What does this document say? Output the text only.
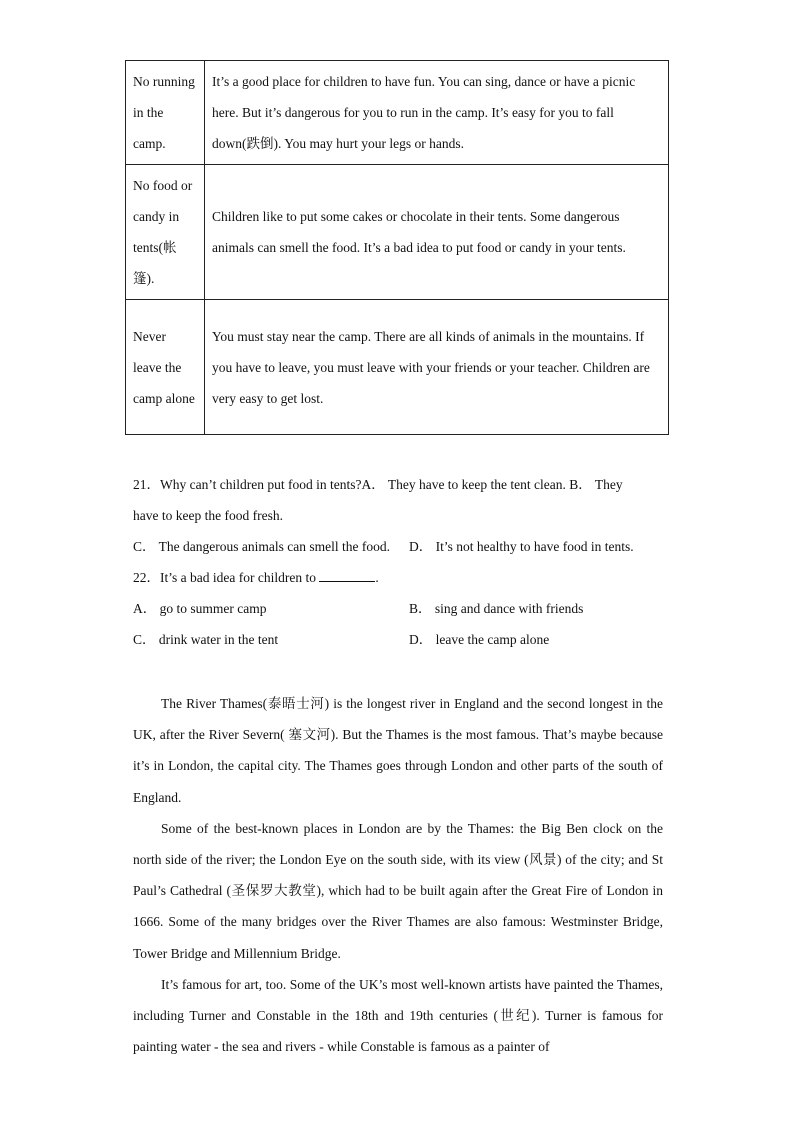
No running in the camp.	It’s a good place for children to have fun. You can sing, dance or have a picnic here. But it’s dangerous for you to run in the camp. It’s easy for you to fall down(跌倒). You may hurt your legs or hands.
No food or candy in tents(帐篷).	Children like to put some cakes or chocolate in their tents. Some dangerous animals can smell the food. It’s a bad idea to put food or candy in your tents.
Never leave the camp alone	You must stay near the camp. There are all kinds of animals in the mountains. If you have to leave, you must leave with your friends or your teacher. Children are very easy to get lost.
21．Why can’t children put food in tents?A． They have to keep the tent clean. B． They
have to keep the food fresh.
C． The dangerous animals can smell the food.	D． It’s not healthy to have food in tents.
22．It’s a bad idea for children to	.
A． go to summer camp	B． sing and dance with friends
C． drink water in the tent	D． leave the camp alone

The River Thames(泰晤士河) is the longest river in England and the second longest in the UK, after the River Severn( 塞文河). But the Thames is the most famous. That’s maybe because it’s in London, the capital city. The Thames goes through London and other parts of the south of England.

Some of the best-known places in London are by the Thames: the Big Ben clock on the north side of the river; the London Eye on the south side, with its view (风景) of the city; and St Paul’s Cathedral (圣保罗大教堂), which had to be built again after the Great Fire of London in 1666. Some of the many bridges over the River Thames are also famous: Westminster Bridge, Tower Bridge and Millennium Bridge.

It’s famous for art, too. Some of the UK’s most well-known artists have painted the Thames, including Turner and Constable in the 18th and 19th centuries (世纪). Turner is famous for painting water - the sea and rivers - while Constable is famous as a painter of
